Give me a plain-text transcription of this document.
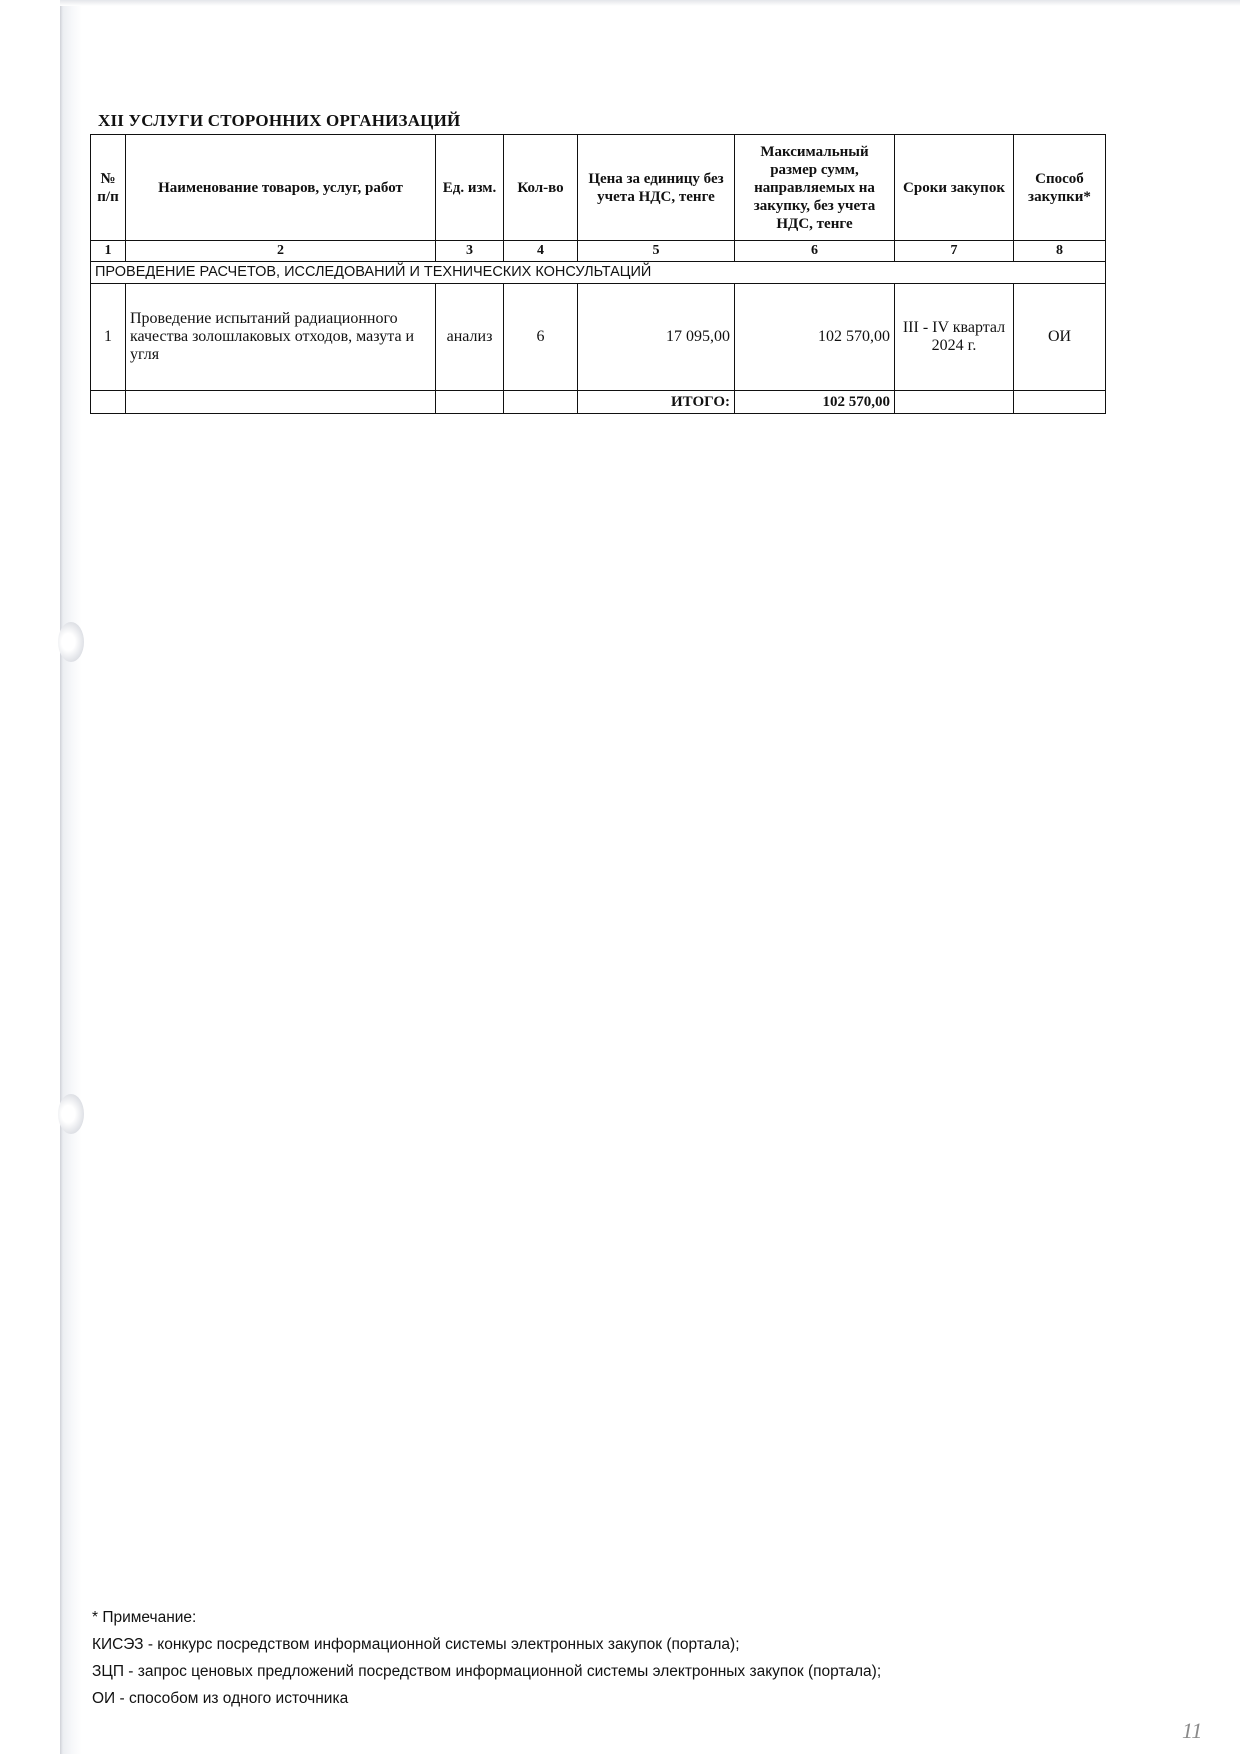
XII УСЛУГИ СТОРОННИХ ОРГАНИЗАЦИЙ
№ п/п	Наименование товаров, услуг, работ	Ед. изм.	Кол-во	Цена за единицу без учета НДС, тенге	Максимальный размер сумм, направляемых на закупку, без учета НДС, тенге	Сроки закупок	Способ закупки*
1	2	3	4	5	6	7	8
ПРОВЕДЕНИЕ РАСЧЕТОВ, ИССЛЕДОВАНИЙ И ТЕХНИЧЕСКИХ КОНСУЛЬТАЦИЙ							
1	Проведение испытаний радиационного качества золошлаковых отходов, мазута и угля	анализ	6	17 095,00	102 570,00	III - IV квартал 2024 г.	ОИ
				ИТОГО:	102 570,00		
* Примечание:
КИСЭЗ - конкурс посредством информационной системы электронных закупок (портала);
ЗЦП - запрос ценовых предложений посредством информационной системы электронных закупок (портала);
ОИ - способом из одного источника
11
